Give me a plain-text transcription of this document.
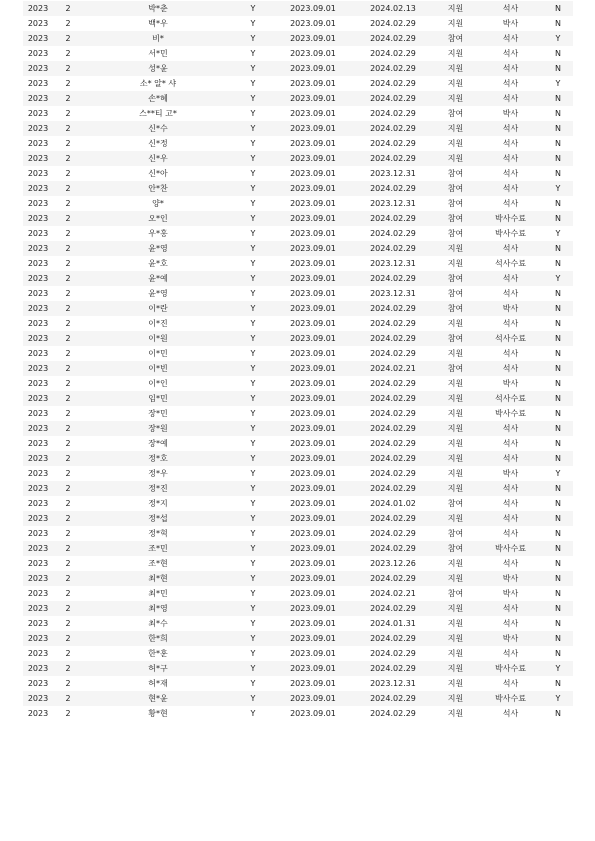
2023	2	박*춘	Y	2023.09.01	2024.02.13	지원	석사	N
2023	2	백*우	Y	2023.09.01	2024.02.29	지원	박사	N
2023	2	비*	Y	2023.09.01	2024.02.29	참여	석사	Y
2023	2	서*민	Y	2023.09.01	2024.02.29	지원	석사	N
2023	2	성*윤	Y	2023.09.01	2024.02.29	지원	석사	N
2023	2	소* 알* 샤	Y	2023.09.01	2024.02.29	지원	석사	Y
2023	2	손*혜	Y	2023.09.01	2024.02.29	지원	석사	N
2023	2	스**티 고*	Y	2023.09.01	2024.02.29	참여	박사	N
2023	2	신*수	Y	2023.09.01	2024.02.29	지원	석사	N
2023	2	신*정	Y	2023.09.01	2024.02.29	지원	석사	N
2023	2	신*우	Y	2023.09.01	2024.02.29	지원	석사	N
2023	2	신*아	Y	2023.09.01	2023.12.31	참여	석사	N
2023	2	안*찬	Y	2023.09.01	2024.02.29	참여	석사	Y
2023	2	양*	Y	2023.09.01	2023.12.31	참여	석사	N
2023	2	오*인	Y	2023.09.01	2024.02.29	참여	박사수료	N
2023	2	우*홍	Y	2023.09.01	2024.02.29	참여	박사수료	Y
2023	2	윤*영	Y	2023.09.01	2024.02.29	지원	석사	N
2023	2	윤*호	Y	2023.09.01	2023.12.31	지원	석사수료	N
2023	2	윤*예	Y	2023.09.01	2024.02.29	참여	석사	Y
2023	2	윤*영	Y	2023.09.01	2023.12.31	참여	석사	N
2023	2	이*란	Y	2023.09.01	2024.02.29	참여	박사	N
2023	2	이*진	Y	2023.09.01	2024.02.29	지원	석사	N
2023	2	이*원	Y	2023.09.01	2024.02.29	참여	석사수료	N
2023	2	이*민	Y	2023.09.01	2024.02.29	지원	석사	N
2023	2	이*빈	Y	2023.09.01	2024.02.21	참여	석사	N
2023	2	이*인	Y	2023.09.01	2024.02.29	지원	박사	N
2023	2	임*민	Y	2023.09.01	2024.02.29	지원	석사수료	N
2023	2	장*민	Y	2023.09.01	2024.02.29	지원	박사수료	N
2023	2	장*원	Y	2023.09.01	2024.02.29	지원	석사	N
2023	2	장*예	Y	2023.09.01	2024.02.29	지원	석사	N
2023	2	정*호	Y	2023.09.01	2024.02.29	지원	석사	N
2023	2	정*우	Y	2023.09.01	2024.02.29	지원	박사	Y
2023	2	정*진	Y	2023.09.01	2024.02.29	지원	석사	N
2023	2	정*지	Y	2023.09.01	2024.01.02	참여	석사	N
2023	2	정*섭	Y	2023.09.01	2024.02.29	지원	석사	N
2023	2	정*혁	Y	2023.09.01	2024.02.29	참여	석사	N
2023	2	조*민	Y	2023.09.01	2024.02.29	참여	박사수료	N
2023	2	조*현	Y	2023.09.01	2023.12.26	지원	석사	N
2023	2	최*현	Y	2023.09.01	2024.02.29	지원	박사	N
2023	2	최*민	Y	2023.09.01	2024.02.21	참여	박사	N
2023	2	최*영	Y	2023.09.01	2024.02.29	지원	석사	N
2023	2	최*수	Y	2023.09.01	2024.01.31	지원	석사	N
2023	2	한*희	Y	2023.09.01	2024.02.29	지원	박사	N
2023	2	한*훈	Y	2023.09.01	2024.02.29	지원	석사	N
2023	2	허*구	Y	2023.09.01	2024.02.29	지원	박사수료	Y
2023	2	허*재	Y	2023.09.01	2023.12.31	지원	석사	N
2023	2	현*윤	Y	2023.09.01	2024.02.29	지원	박사수료	Y
2023	2	황*현	Y	2023.09.01	2024.02.29	지원	석사	N
